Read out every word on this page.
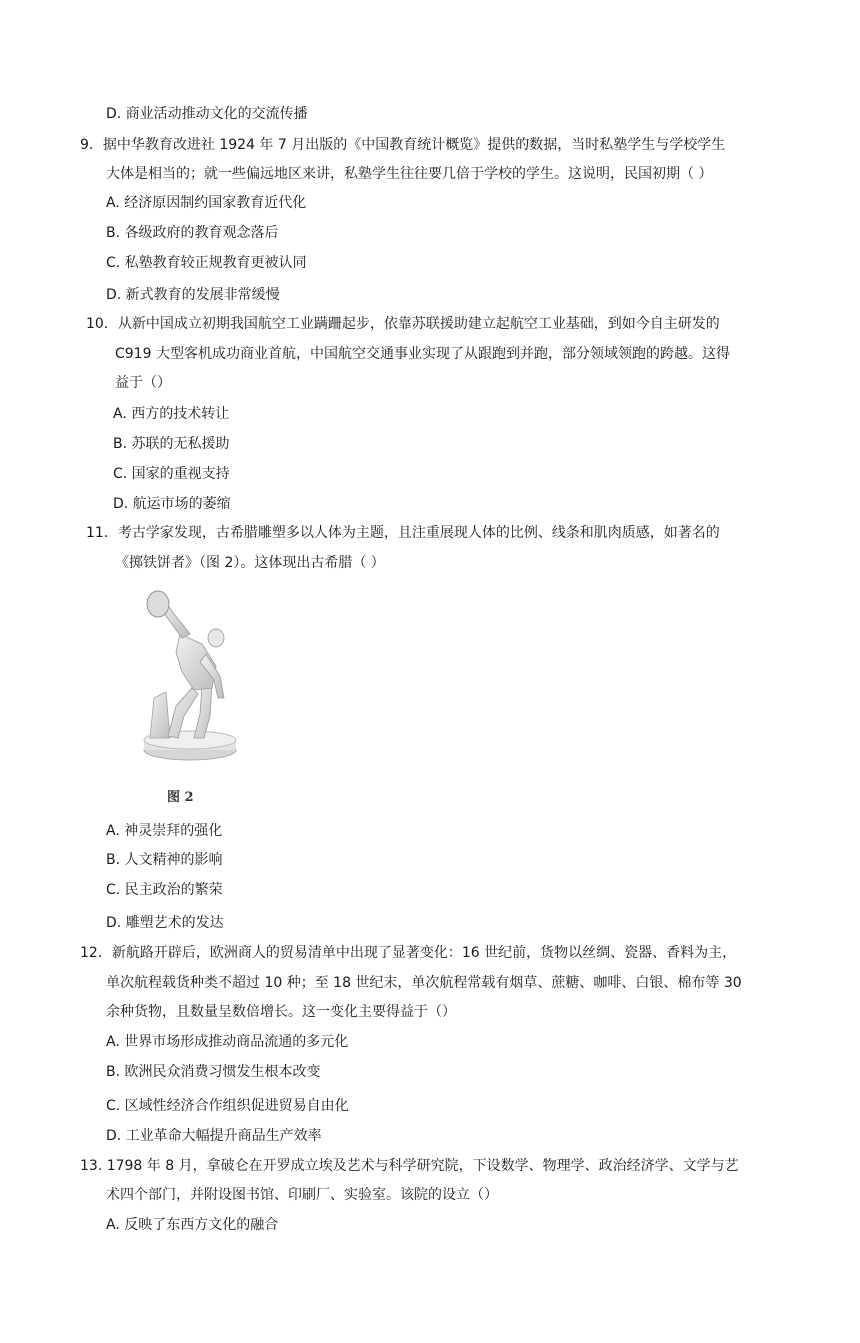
D. 商业活动推动文化的交流传播
9．据中华教育改进社 1924 年 7 月出版的《中国教育统计概览》提供的数据，当时私塾学生与学校学生
大体是相当的；就一些偏远地区来讲，私塾学生往往要几倍于学校的学生。这说明，民国初期（ ）
A. 经济原因制约国家教育近代化
B. 各级政府的教育观念落后
C. 私塾教育较正规教育更被认同
D. 新式教育的发展非常缓慢
10．从新中国成立初期我国航空工业蹒跚起步，依靠苏联援助建立起航空工业基础，到如今自主研发的
C919 大型客机成功商业首航，中国航空交通事业实现了从跟跑到并跑，部分领域领跑的跨越。这得
益于（）
A. 西方的技术转让
B. 苏联的无私援助
C. 国家的重视支持
D. 航运市场的萎缩
11．考古学家发现，古希腊雕塑多以人体为主题，且注重展现人体的比例、线条和肌肉质感，如著名的
《掷铁饼者》（图 2）。这体现出古希腊（ ）
图 2
A. 神灵崇拜的强化
B. 人文精神的影响
C. 民主政治的繁荣
D. 雕塑艺术的发达
12．新航路开辟后，欧洲商人的贸易清单中出现了显著变化：16 世纪前，货物以丝绸、瓷器、香料为主，
单次航程载货种类不超过 10 种；至 18 世纪末，单次航程常载有烟草、蔗糖、咖啡、白银、棉布等 30
余种货物，且数量呈数倍增长。这一变化主要得益于（）
A. 世界市场形成推动商品流通的多元化
B. 欧洲民众消费习惯发生根本改变
C. 区域性经济合作组织促进贸易自由化
D. 工业革命大幅提升商品生产效率
13. 1798 年 8 月，拿破仑在开罗成立埃及艺术与科学研究院，下设数学、物理学、政治经济学、文学与艺
术四个部门，并附设图书馆、印刷厂、实验室。该院的设立（）
A. 反映了东西方文化的融合
